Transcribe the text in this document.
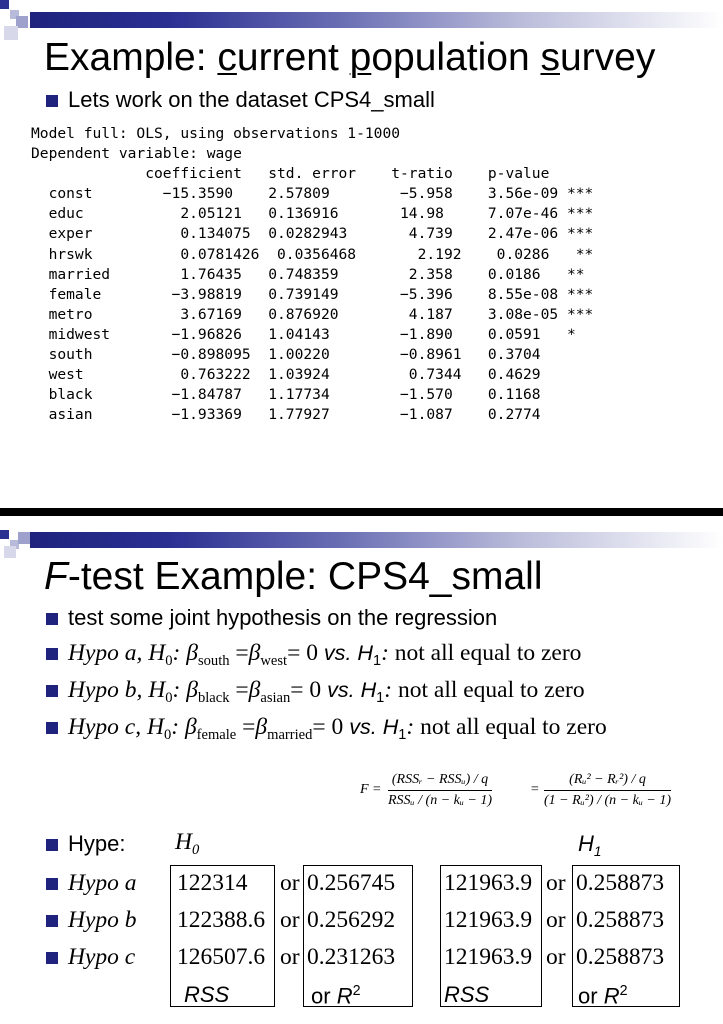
Example: current population survey
Lets work on the dataset CPS4_small
Model full: OLS, using observations 1-1000
Dependent variable: wage
coefficient   std. error    t-ratio    p-value
const        −15.3590    2.57809        −5.958    3.56e-09 ***
educ           2.05121   0.136916       14.98     7.07e-46 ***
exper          0.134075  0.0282943       4.739    2.47e-06 ***
hrswk          0.0781426  0.0356468       2.192    0.0286   **
married        1.76435   0.748359        2.358    0.0186   **
female        −3.98819   0.739149       −5.396    8.55e-08 ***
metro          3.67169   0.876920        4.187    3.08e-05 ***
midwest       −1.96826   1.04143        −1.890    0.0591   *
south         −0.898095  1.00220        −0.8961   0.3704
west           0.763222  1.03924         0.7344   0.4629
black         −1.84787   1.17734        −1.570    0.1168
asian         −1.93369   1.77927        −1.087    0.2774

F-test Example: CPS4_small
test some joint hypothesis on the regression
Hypo a, $H_0$: $\beta_{south} =\beta_{west}= 0$ vs. $H_1$: not all equal to zero
Hypo b, $H_0$: $\beta_{black} =\beta_{asian}= 0$ vs. $H_1$: not all equal to zero
Hypo c, $H_0$: $\beta_{female} =\beta_{married}= 0$ vs. $H_1$: not all equal to zero
F =
(RSSᵣ − RSSᵤ) / q
RSSᵤ / (n − kᵤ − 1)
= $\frac{\text{(Rᵤ² − Rᵣ²) / q}}{\text{(1 − Rᵤ²) / (n − kᵤ − 1)}}$
Hype: $H_0$	$H_1$
Hypo a 122314 or 0.256745 121963.9 or 0.258873
Hypo b 122388.6 or 0.256292 121963.9 or 0.258873
Hypo c 126507.6 or 0.231263 121963.9 or 0.258873
RSS	or $R^2$	RSS	or $R^2$
